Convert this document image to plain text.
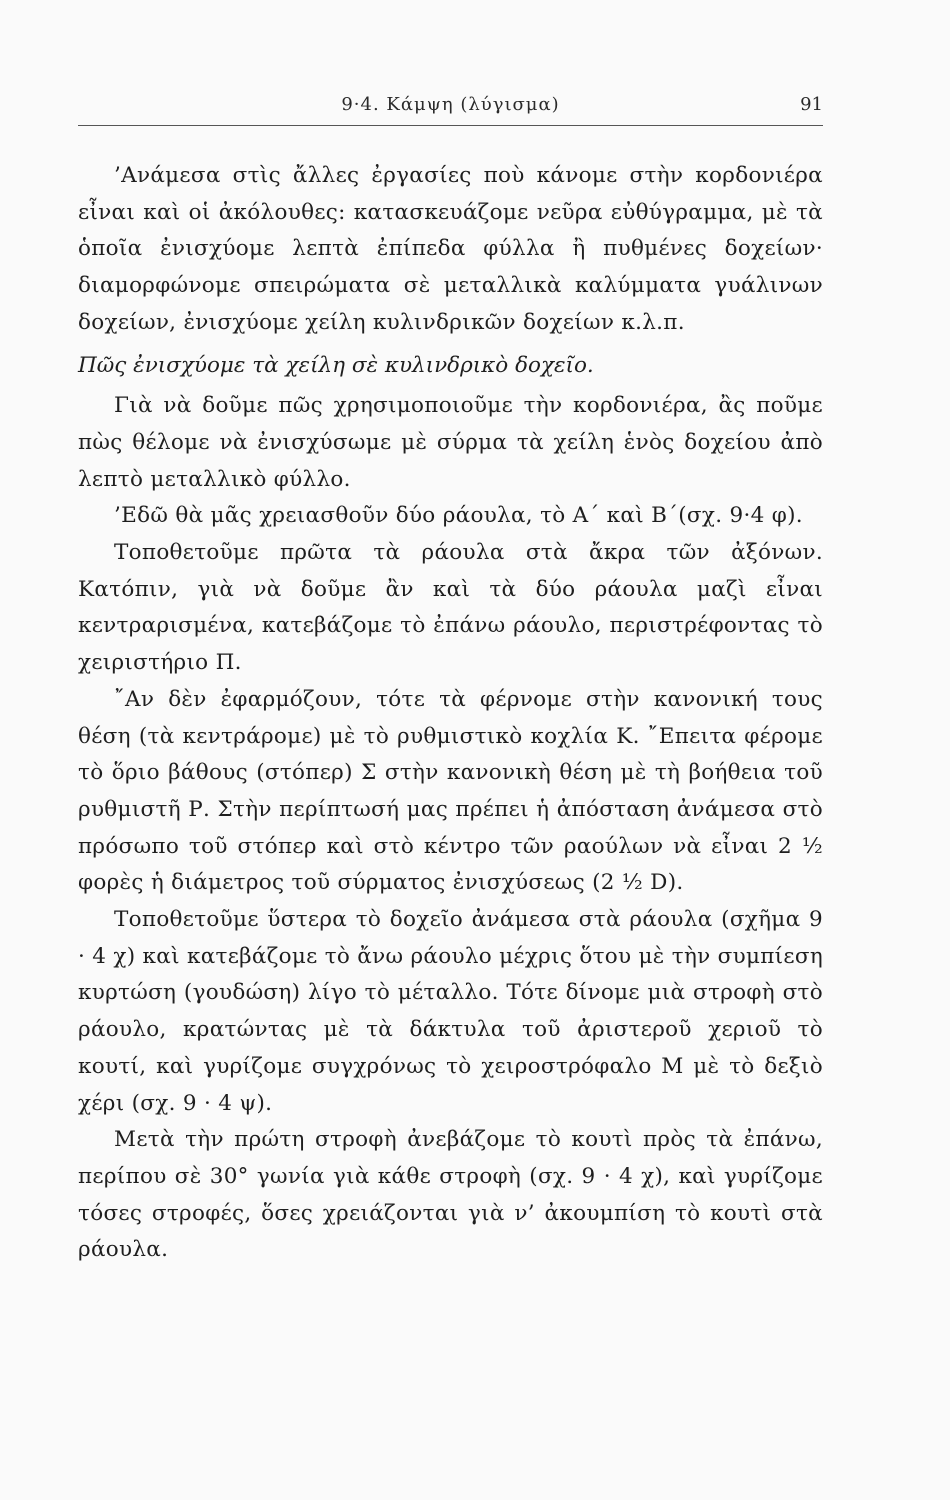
9·4. Κάμψη (λύγισμα)	91

’Ανάμεσα στὶς ἄλλες ἐργασίες ποὺ κάνομε στὴν κορδονιέρα εἶναι καὶ οἱ ἀκόλουθες: κατασκευάζομε νεῦρα εὐθύγραμμα, μὲ τὰ ὁποῖα ἐνισχύομε λεπτὰ ἐπίπεδα φύλλα ἢ πυθμένες δοχείων· διαμορφώνομε σπειρώματα σὲ μεταλλικὰ καλύμματα γυάλινων δοχείων, ἐνισχύομε χείλη κυλινδρικῶν δοχείων κ.λ.π.

Πῶς ἐνισχύομε τὰ χείλη σὲ κυλινδρικὸ δοχεῖο.

Γιὰ νὰ δοῦμε πῶς χρησιμοποιοῦμε τὴν κορδονιέρα, ἂς ποῦμε πὼς θέλομε νὰ ἐνισχύσωμε μὲ σύρμα τὰ χείλη ἑνὸς δοχείου ἀπὸ λεπτὸ μεταλλικὸ φύλλο.

’Εδῶ θὰ μᾶς χρειασθοῦν δύο ράουλα, τὸ Α΄ καὶ Β΄(σχ. 9·4 φ).

Τοποθετοῦμε πρῶτα τὰ ράουλα στὰ ἄκρα τῶν ἀξόνων. Κατόπιν, γιὰ νὰ δοῦμε ἂν καὶ τὰ δύο ράουλα μαζὶ εἶναι κεντραρισμένα, κατεβάζομε τὸ ἐπάνω ράουλο, περιστρέφοντας τὸ χειριστήριο Π.

῎Αν δὲν ἐφαρμόζουν, τότε τὰ φέρνομε στὴν κανονική τους θέση (τὰ κεντράρομε) μὲ τὸ ρυθμιστικὸ κοχλία Κ. ῎Επειτα φέρομε τὸ ὅριο βάθους (στόπερ) Σ στὴν κανονικὴ θέση μὲ τὴ βοήθεια τοῦ ρυθμιστῆ Ρ. Στὴν περίπτωσή μας πρέπει ἡ ἀπόσταση ἀνάμεσα στὸ πρόσωπο τοῦ στόπερ καὶ στὸ κέντρο τῶν ραούλων νὰ εἶναι 2 ½ φορὲς ἡ διάμετρος τοῦ σύρματος ἐνισχύσεως (2 ½ D).

Τοποθετοῦμε ὕστερα τὸ δοχεῖο ἀνάμεσα στὰ ράουλα (σχῆμα 9 · 4 χ) καὶ κατεβάζομε τὸ ἄνω ράουλο μέχρις ὅτου μὲ τὴν συμπίεση κυρτώση (γουδώση) λίγο τὸ μέταλλο. Τότε δίνομε μιὰ στροφὴ στὸ ράουλο, κρατώντας μὲ τὰ δάκτυλα τοῦ ἀριστεροῦ χεριοῦ τὸ κουτί, καὶ γυρίζομε συγχρόνως τὸ χειροστρόφαλο Μ μὲ τὸ δεξιὸ χέρι (σχ. 9 · 4 ψ).

Μετὰ τὴν πρώτη στροφὴ ἀνεβάζομε τὸ κουτὶ πρὸς τὰ ἐπάνω, περίπου σὲ 30° γωνία γιὰ κάθε στροφὴ (σχ. 9 · 4 χ), καὶ γυρίζομε τόσες στροφές, ὅσες χρειάζονται γιὰ ν’ ἀκουμπίση τὸ κουτὶ στὰ ράουλα.
